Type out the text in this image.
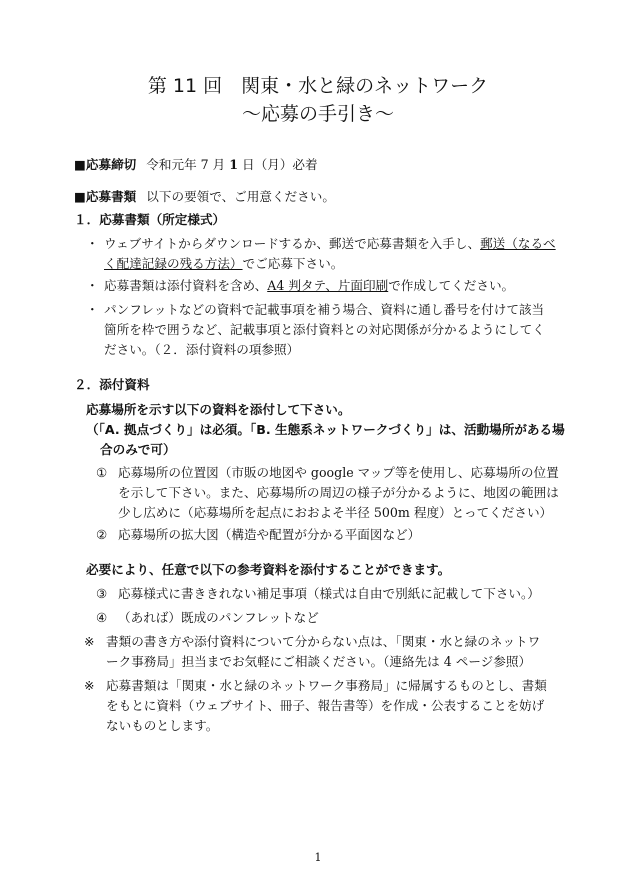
第 11 回　関東・水と緑のネットワーク
〜応募の手引き〜
■応募締切 令和元年 7 月 1 日（月）必着
■応募書類 以下の要領で、ご用意ください。
１．応募書類（所定様式）
・ ウェブサイトからダウンロードするか、郵送で応募書類を入手し、郵送（なるべ
く配達記録の残る方法）でご応募下さい。
・ 応募書類は添付資料を含め、A4 判タテ、片面印刷で作成してください。
・ パンフレットなどの資料で記載事項を補う場合、資料に通し番号を付けて該当
箇所を枠で囲うなど、記載事項と添付資料との対応関係が分かるようにしてく
ださい。（２．添付資料の項参照）
２．添付資料
応募場所を示す以下の資料を添付して下さい。
（「A. 拠点づくり」は必須。「B. 生態系ネットワークづくり」は、活動場所がある場
合のみで可）
① 応募場所の位置図（市販の地図や google マップ等を使用し、応募場所の位置
を示して下さい。また、応募場所の周辺の様子が分かるように、地図の範囲は
少し広めに（応募場所を起点におおよそ半径 500m 程度）とってください）
② 応募場所の拡大図（構造や配置が分かる平面図など）
必要により、任意で以下の参考資料を添付することができます。
③ 応募様式に書ききれない補足事項（様式は自由で別紙に記載して下さい。）
④ （あれば）既成のパンフレットなど
※ 書類の書き方や添付資料について分からない点は、「関東・水と緑のネットワ
ーク事務局」担当までお気軽にご相談ください。（連絡先は 4 ページ参照）
※ 応募書類は「関東・水と緑のネットワーク事務局」に帰属するものとし、書類
をもとに資料（ウェブサイト、冊子、報告書等）を作成・公表することを妨げ
ないものとします。
1
